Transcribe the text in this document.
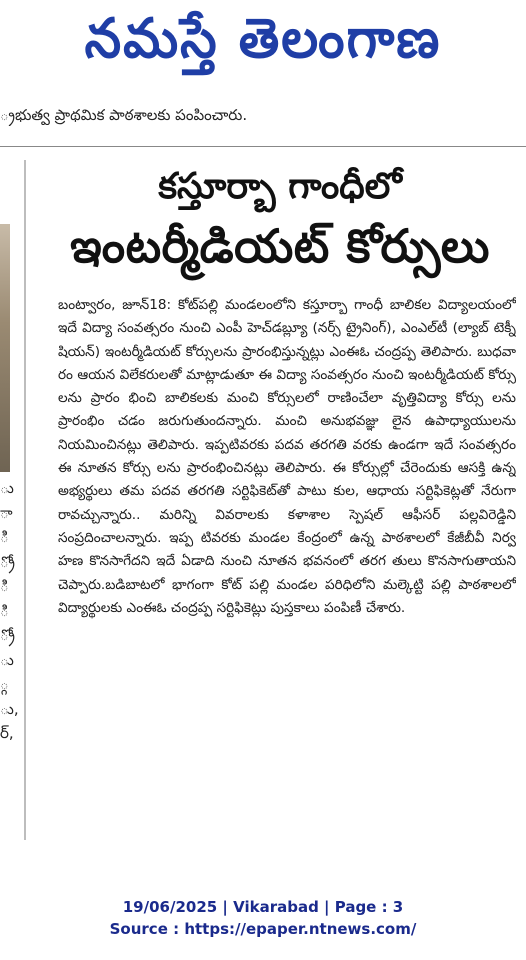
నమస్తే తెలంగాణ
్రభుత్వ ప్రాథమిక పాఠశాలకు పంపించారు.
ు
ా
ి
్రో
ి
ి
్రో
ు
్గ
ు,
ర్,
కస్తూర్బా గాంధీలో
ఇంటర్మీడియట్ కోర్సులు
బంట్వారం, జూన్18: కోట్‌పల్లి మండలంలోని కస్తూర్బా గాంధీ బాలికల విద్యాలయంలో ఇదే విద్యా సంవత్సరం నుంచి ఎంపీ హెచ్‌డబ్ల్యూ (నర్స్ ట్రైనింగ్), ఎంఎల్‌టీ (ల్యాబ్ టెక్నీ షియన్) ఇంటర్మీడియట్ కోర్సులను ప్రారంభిస్తున్నట్లు ఎంఈఓ చంద్రప్ప తెలిపారు. బుధవా రం ఆయన విలేకరులతో మాట్లాడుతూ ఈ విద్యా సంవత్సరం నుంచి ఇంటర్మీడియట్ కోర్సు లను ప్రారం భించి బాలికలకు మంచి కోర్సులలో రాణించేలా వృత్తివిద్యా కోర్సు లను ప్రారంభిం చడం జరుగుతుందన్నారు. మంచి అనుభవజ్ఞు లైన ఉపాధ్యాయులను నియమించినట్లు తెలిపారు. ఇప్పటివరకు పదవ తరగతి వరకు ఉండగా ఇదే సంవత్సరం ఈ నూతన కోర్సు లను ప్రారంభించినట్లు తెలిపారు. ఈ కోర్సుల్లో చేరెందుకు ఆసక్తి ఉన్న అభ్యర్థులు తమ పదవ తరగతి సర్టిఫికెట్‌తో పాటు కుల, ఆధాయ సర్టిఫికెట్లతో నేరుగా రావచ్చున్నారు.. మరిన్ని వివరాలకు కళాశాల స్పెషల్ ఆఫీసర్ పల్లవిరెడ్డిని సంప్రదించాలన్నారు. ఇప్ప టివరకు మండల కేంద్రంలో ఉన్న పాఠశాలలో కేజీబీవీ నిర్వ హణ కొనసాగేదని ఇదే ఏడాది నుంచి నూతన భవనంలో తరగ తులు కొనసాగుతాయని చెప్పారు.బడిబాటలో భాగంగా కోట్ పల్లి మండల పరిధిలోని మల్కెట్టి పల్లి పాఠశాలలో విద్యార్థులకు ఎంఈఓ చంద్రప్ప సర్టిఫికెట్లు పుస్తకాలు పంపిణీ చేశారు.
19/06/2025 | Vikarabad | Page : 3
Source : https://epaper.ntnews.com/
